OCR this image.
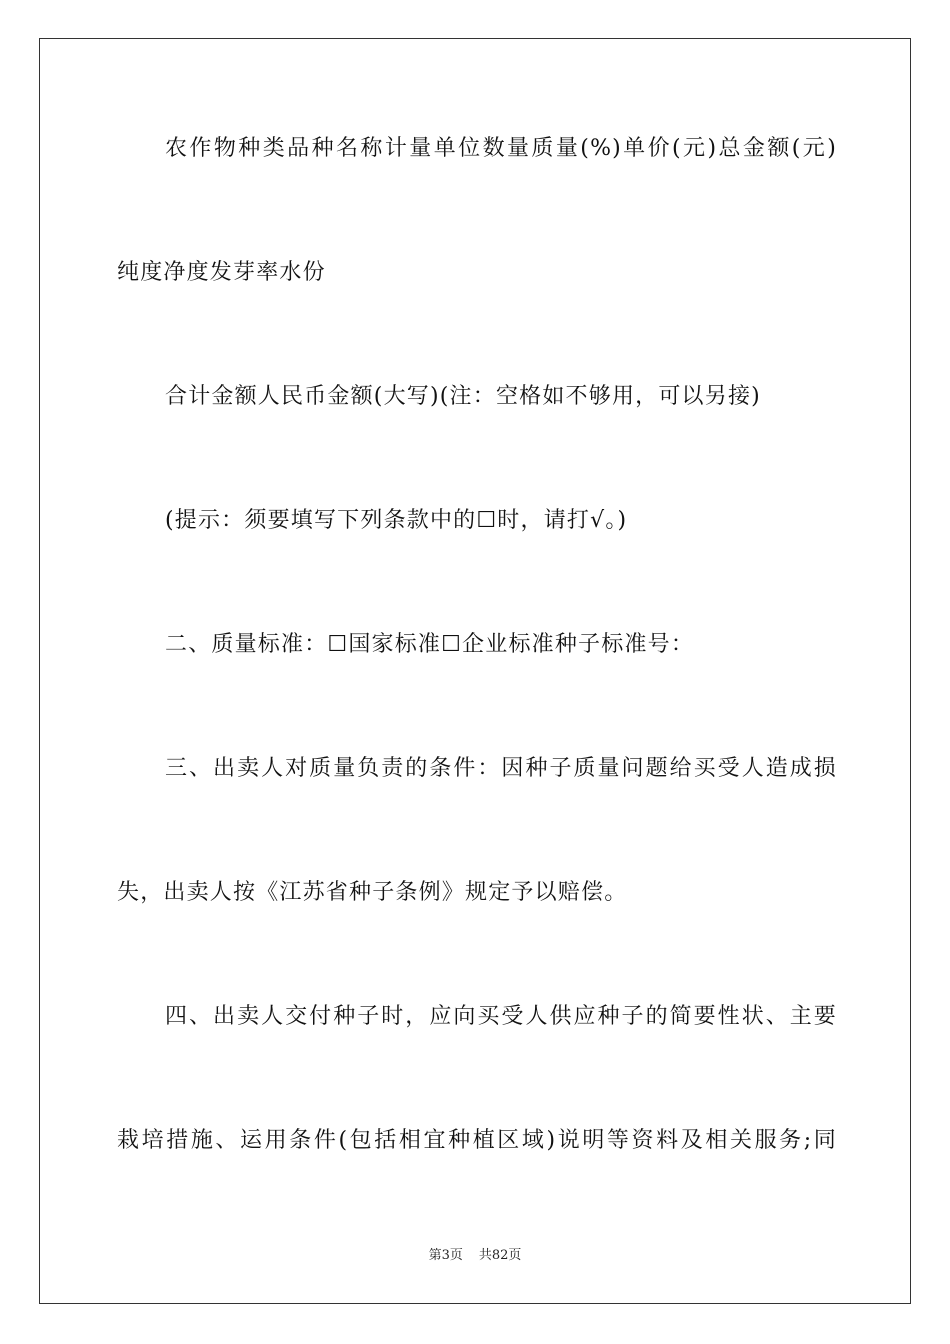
农作物种类品种名称计量单位数量质量(%)单价(元)总金额(元)
纯度净度发芽率水份
合计金额人民币金额(大写)(注：空格如不够用，可以另接)
(提示：须要填写下列条款中的☐时，请打√。)
二、质量标准：☐国家标准☐企业标准种子标准号：
三、出卖人对质量负责的条件：因种子质量问题给买受人造成损
失，出卖人按《江苏省种子条例》规定予以赔偿。
四、出卖人交付种子时，应向买受人供应种子的简要性状、主要
栽培措施、运用条件(包括相宜种植区域)说明等资料及相关服务;同
第3页 共82页
